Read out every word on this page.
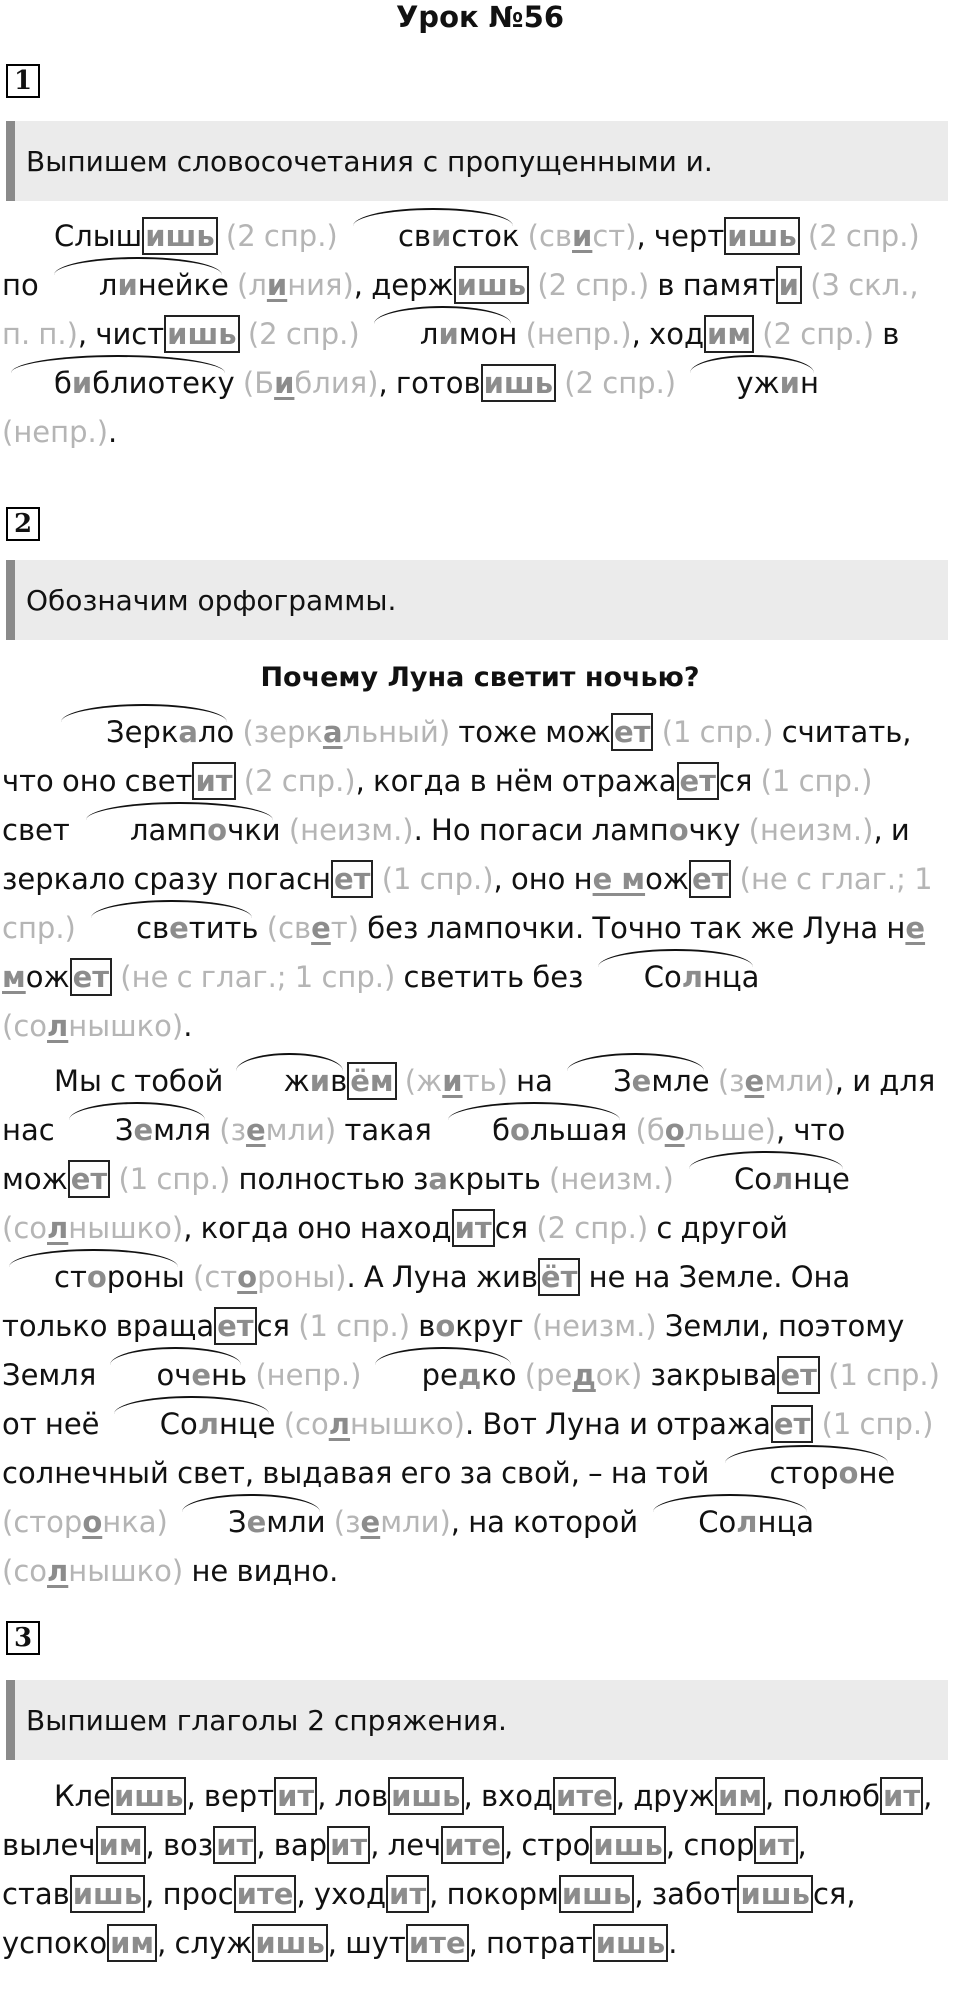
Урок №56
1
Выпишем словосочетания с пропущенными и.

Слыш ишь (2 спр.) свисток (свист), черт ишь (2 спр.) по линейке (линия), держ ишь (2 спр.) в памят и (3 скл., п. п.), чист ишь (2 спр.) лимон (непр.), ход им (2 спр.) в библиотеку (Библия), готов ишь (2 спр.) ужин (непр.).

2
Обозначим орфограммы.
Почему Луна светит ночью?

Зеркало (зеркальный) тоже мож ет (1 спр.) считать, что оно свет ит (2 спр.), когда в нём отража ет ся (1 спр.) свет лампочки (неизм.). Но погаси лампочку (неизм.), и зеркало сразу погасн ет (1 спр.), оно не мож ет (не с глаг.; 1 спр.) светить (свет) без лампочки. Точно так же Луна не мож ет (не с глаг.; 1 спр.) светить без Солнца (солнышко).

Мы с тобой жив ём (жить) на Земле (земли), и для нас Земля (земли) такая большая (больше), что мож ет (1 спр.) полностью закрыть (неизм.) Солнце (солнышко), когда оно наход ит ся (2 спр.) с другой стороны (стороны). А Луна жив ёт не на Земле. Она только враща ет ся (1 спр.) вокруг (неизм.) Земли, поэтому Земля очень (непр.) редко (редок) закрыва ет (1 спр.) от неё Солнце (солнышко). Вот Луна и отража ет (1 спр.) солнечный свет, выдавая его за свой, – на той стороне (сторонка) Земли (земли), на которой Солнца (солнышко) не видно.

3
Выпишем глаголы 2 спряжения.

Кле ишь , верт ит , лов ишь , вход ите , друж им , полюб ит , вылеч им , воз ит , вар ит , леч ите , стро ишь , спор ит , став ишь , прос ите , уход ит , покорм ишь , забот ишь ся, успоко им , служ ишь , шут ите , потрат ишь .
